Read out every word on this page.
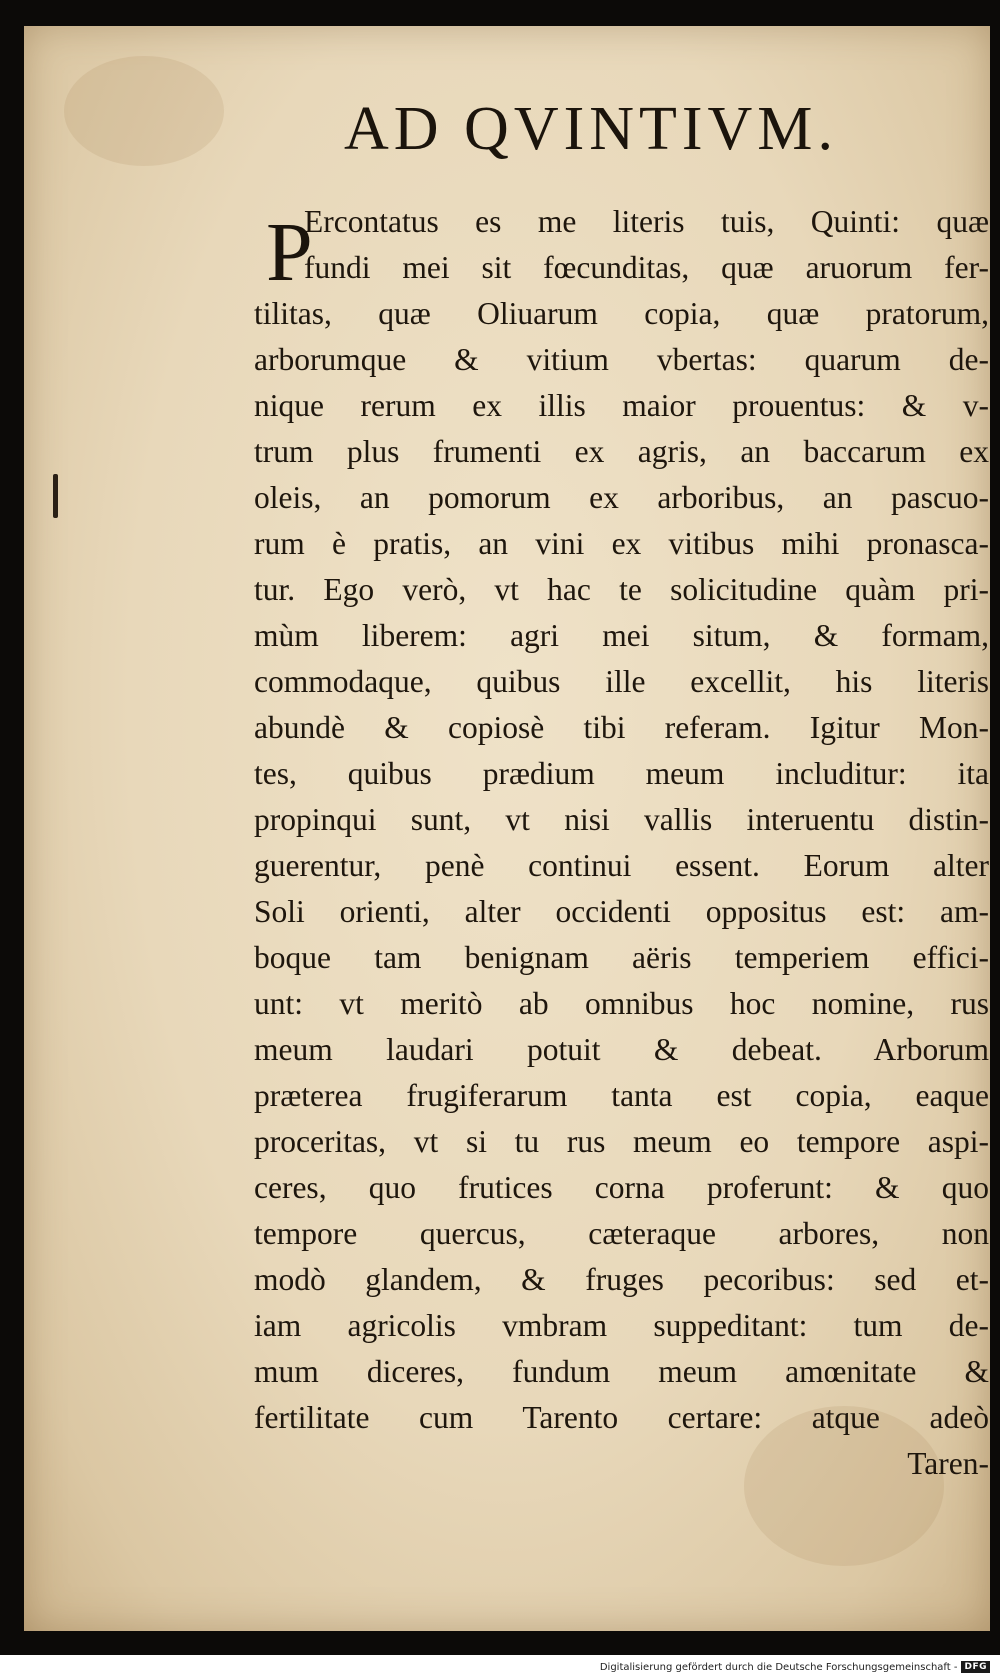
AD QVINTIVM.
P
Ercontatus es me literis tuis, Quinti: quæ
fundi mei sit fœcunditas, quæ aruorum fer-
tilitas, quæ Oliuarum copia, quæ pratorum,
arborumque & vitium vbertas: quarum de-
nique rerum ex illis maior prouentus: & v-
trum plus frumenti ex agris, an baccarum ex
oleis, an pomorum ex arboribus, an pascuo-
rum è pratis, an vini ex vitibus mihi pronasca-
tur. Ego verò, vt hac te solicitudine quàm pri-
mùm liberem: agri mei situm, & formam,
commodaque, quibus ille excellit, his literis
abundè & copiosè tibi referam. Igitur Mon-
tes, quibus prædium meum includitur: ita
propinqui sunt, vt nisi vallis interuentu distin-
guerentur, penè continui essent. Eorum alter
Soli orienti, alter occidenti oppositus est: am-
boque tam benignam aëris temperiem effici-
unt: vt meritò ab omnibus hoc nomine, rus
meum laudari potuit & debeat. Arborum
præterea frugiferarum tanta est copia, eaque
proceritas, vt si tu rus meum eo tempore aspi-
ceres, quo frutices corna proferunt: & quo
tempore quercus, cæteraque arbores, non
modò glandem, & fruges pecoribus: sed et-
iam agricolis vmbram suppeditant: tum de-
mum diceres, fundum meum amœnitate &
fertilitate cum Tarento certare: atque adeò
Taren-
Digitalisierung gefördert durch die Deutsche Forschungsgemeinschaft - DFG
